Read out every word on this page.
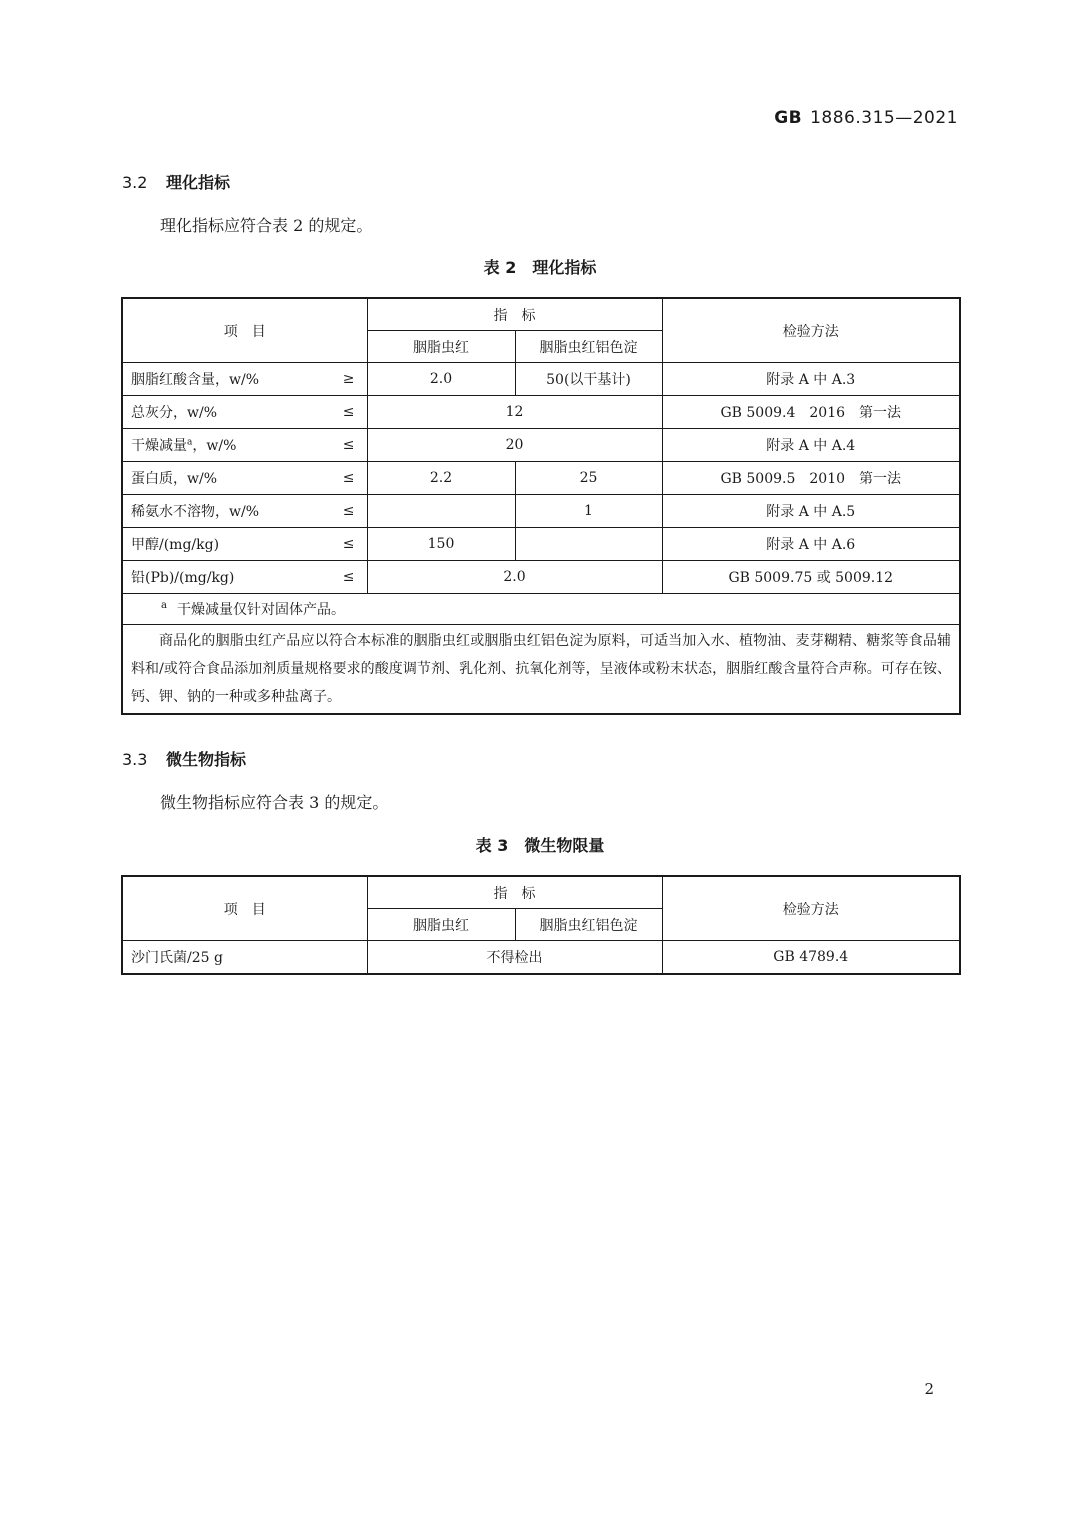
GB 1886.315—2021
3.2 理化指标
理化指标应符合表 2 的规定。
表 2　理化指标
项　目	指　标		检验方法
	胭脂虫红	胭脂虫红铝色淀	
胭脂红酸含量，w/% ≥	2.0	50(以干基计)	附录 A 中 A.3
总灰分，w/% ≤	12		GB 5009.4　2016　第一法
干燥减量$^a$，w/% ≤	20		附录 A 中 A.4
蛋白质，w/% ≤	2.2	25	GB 5009.5　2010　第一法
稀氨水不溶物，w/% ≤		1	附录 A 中 A.5
甲醇/(mg/kg) ≤	150		附录 A 中 A.6
铅(Pb)/(mg/kg) ≤	2.0		GB 5009.75 或 5009.12
$^a$ 干燥减量仅针对固体产品。			
商品化的胭脂虫红产品应以符合本标准的胭脂虫红或胭脂虫红铝色淀为原料，可适当加入水、植物油、麦芽糊精、糖浆等食品辅料和/或符合食品添加剂质量规格要求的酸度调节剂、乳化剂、抗氧化剂等，呈液体或粉末状态，胭脂红酸含量符合声称。可存在铵、钙、钾、钠的一种或多种盐离子。			
3.3 微生物指标
微生物指标应符合表 3 的规定。
表 3　微生物限量
项　目	指　标		检验方法
	胭脂虫红	胭脂虫红铝色淀	
沙门氏菌/25 g	不得检出		GB 4789.4
2
